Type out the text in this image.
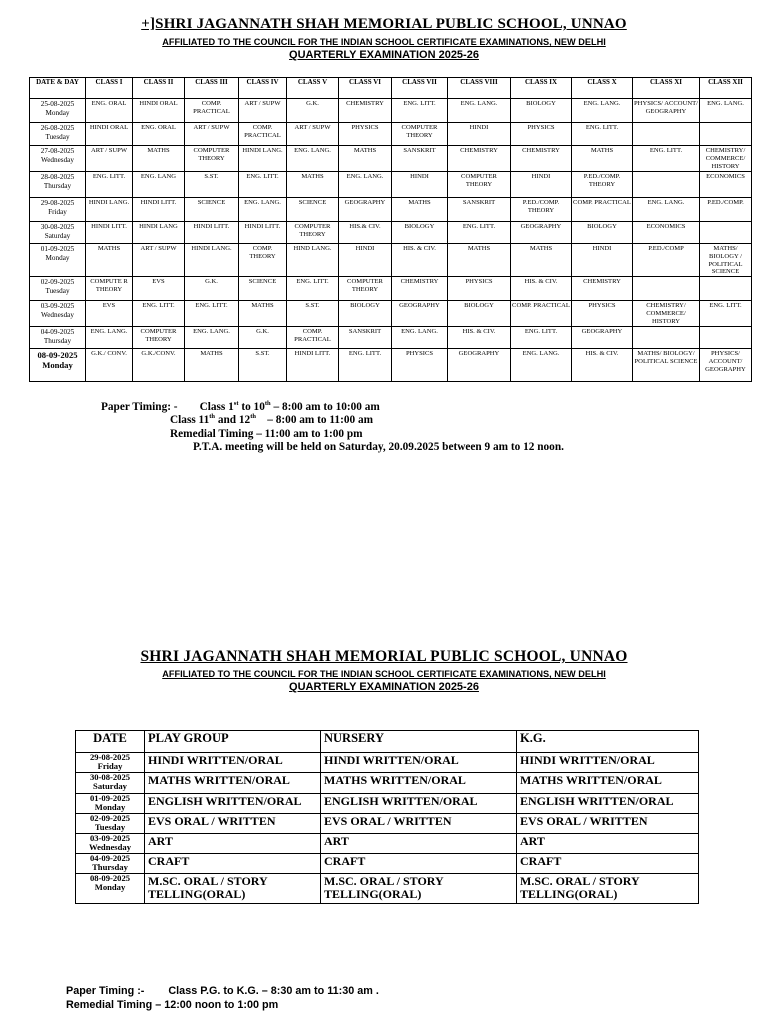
+]SHRI JAGANNATH SHAH MEMORIAL PUBLIC SCHOOL, UNNAO
AFFILIATED TO THE COUNCIL FOR THE INDIAN SCHOOL CERTIFICATE EXAMINATIONS, NEW DELHI
QUARTERLY EXAMINATION 2025-26
DATE & DAY	CLASS I	CLASS II	CLASS III	CLASS IV	CLASS V	CLASS VI	CLASS VII	CLASS VIII	CLASS IX	CLASS X	CLASS XI	CLASS XII

25-08-2025
Monday	ENG. ORAL	HINDI ORAL	COMP. PRACTICAL	ART / SUPW	G.K.	CHEMISTRY	ENG. LITT.	ENG. LANG.	BIOLOGY	ENG. LANG.	PHYSICS/ ACCOUNT/ GEOGRAPHY	ENG. LANG.

26-08-2025
Tuesday	HINDI ORAL	ENG. ORAL	ART / SUPW	COMP. PRACTICAL	ART / SUPW	PHYSICS	COMPUTER THEORY	HINDI	PHYSICS	ENG. LITT.		

27-08-2025
Wednesday	ART / SUPW	MATHS	COMPUTER THEORY	HINDI LANG.	ENG. LANG.	MATHS	SANSKRIT	CHEMISTRY	CHEMISTRY	MATHS	ENG. LITT.	CHEMISTRY/ COMMERCE/ HISTORY

28-08-2025
Thursday	ENG. LITT.	ENG. LANG	S.ST.	ENG. LITT.	MATHS	ENG. LANG.	HINDI	COMPUTER THEORY	HINDI	P.ED./COMP. THEORY		ECONOMICS

29-08-2025
Friday	HINDI LANG.	HINDI LITT.	SCIENCE	ENG. LANG.	SCIENCE	GEOGRAPHY	MATHS	SANSKRIT	P.ED./COMP. THEORY	COMP. PRACTICAL	ENG. LANG.	P.ED./COMP.

30-08-2025
Saturday	HINDI LITT.	HINDI LANG	HINDI LITT.	HINDI LITT.	COMPUTER THEORY	HIS.& CIV.	BIOLOGY	ENG. LITT.	GEOGRAPHY	BIOLOGY	ECONOMICS	

01-09-2025
Monday	MATHS	ART / SUPW	HINDI LANG.	COMP. THEORY	HIND LANG.	HINDI	HIS. & CIV.	MATHS	MATHS	HINDI	P.ED./COMP	MATHS/ BIOLOGY / POLITICAL SCIENCE

02-09-2025
Tuesday	COMPUTE R THEORY	EVS	G.K.	SCIENCE	ENG. LITT.	COMPUTER THEORY	CHEMISTRY	PHYSICS	HIS. & CIV.	CHEMISTRY		

03-09-2025
Wednesday	EVS	ENG. LITT.	ENG. LITT.	MATHS	S.ST.	BIOLOGY	GEOGRAPHY	BIOLOGY	COMP. PRACTICAL	PHYSICS	CHEMISTRY/ COMMERCE/ HISTORY	ENG. LITT.

04-09-2025
Thursday	ENG. LANG.	COMPUTER THEORY	ENG. LANG.	G.K.	COMP. PRACTICAL	SANSKRIT	ENG. LANG.	HIS. & CIV.	ENG. LITT.	GEOGRAPHY		

08-09-2025
Monday	G.K./ CONV.	G.K./CONV.	MATHS	S.ST.	HINDI LITT.	ENG. LITT.	PHYSICS	GEOGRAPHY	ENG. LANG.	HIS. & CIV.	MATHS/ BIOLOGY/ POLITICAL SCIENCE	PHYSICS/ ACCOUNT/ GEOGRAPHY
Paper Timing: - Class 1st to 10th – 8:00 am to 10:00 am
Class 11th and 12th    – 8:00 am to 11:00 am
Remedial Timing – 11:00 am to 1:00 pm
P.T.A. meeting will be held on Saturday, 20.09.2025 between 9 am to 12 noon.
SHRI JAGANNATH SHAH MEMORIAL PUBLIC SCHOOL, UNNAO
AFFILIATED TO THE COUNCIL FOR THE INDIAN SCHOOL CERTIFICATE EXAMINATIONS, NEW DELHI
QUARTERLY EXAMINATION 2025-26
DATE	PLAY GROUP	NURSERY	K.G.

29-08-2025
Friday	HINDI WRITTEN/ORAL	HINDI WRITTEN/ORAL	HINDI WRITTEN/ORAL

30-08-2025
Saturday	MATHS WRITTEN/ORAL	MATHS WRITTEN/ORAL	MATHS WRITTEN/ORAL

01-09-2025
Monday	ENGLISH WRITTEN/ORAL	ENGLISH WRITTEN/ORAL	ENGLISH WRITTEN/ORAL

02-09-2025
Tuesday	EVS ORAL / WRITTEN	EVS ORAL / WRITTEN	EVS ORAL / WRITTEN

03-09-2025
Wednesday	ART	ART	ART

04-09-2025
Thursday	CRAFT	CRAFT	CRAFT

08-09-2025
Monday	M.SC. ORAL / STORY TELLING(ORAL)	M.SC. ORAL / STORY TELLING(ORAL)	M.SC. ORAL / STORY TELLING(ORAL)
Paper Timing :-        Class P.G. to K.G. – 8:30 am to 11:30 am .
Remedial Timing – 12:00 noon to 1:00 pm
